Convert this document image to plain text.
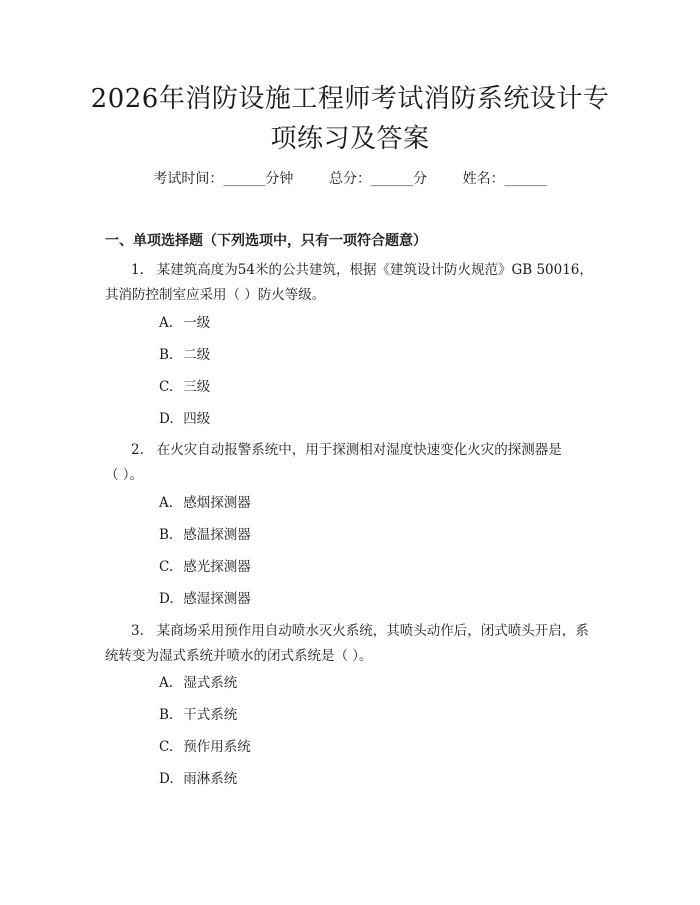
2026年消防设施工程师考试消防系统设计专
项练习及答案
考试时间：______分钟	总分：______分	姓名：______
一、单项选择题（下列选项中，只有一项符合题意）
1. 某建筑高度为54米的公共建筑，根据《建筑设计防火规范》GB 50016，
其消防控制室应采用（ ）防火等级。
A. 一级
B. 二级
C. 三级
D. 四级
2. 在火灾自动报警系统中，用于探测相对湿度快速变化火灾的探测器是
（ ）。
A. 感烟探测器
B. 感温探测器
C. 感光探测器
D. 感湿探测器
3. 某商场采用预作用自动喷水灭火系统，其喷头动作后，闭式喷头开启，系
统转变为湿式系统并喷水的闭式系统是（ ）。
A. 湿式系统
B. 干式系统
C. 预作用系统
D. 雨淋系统
